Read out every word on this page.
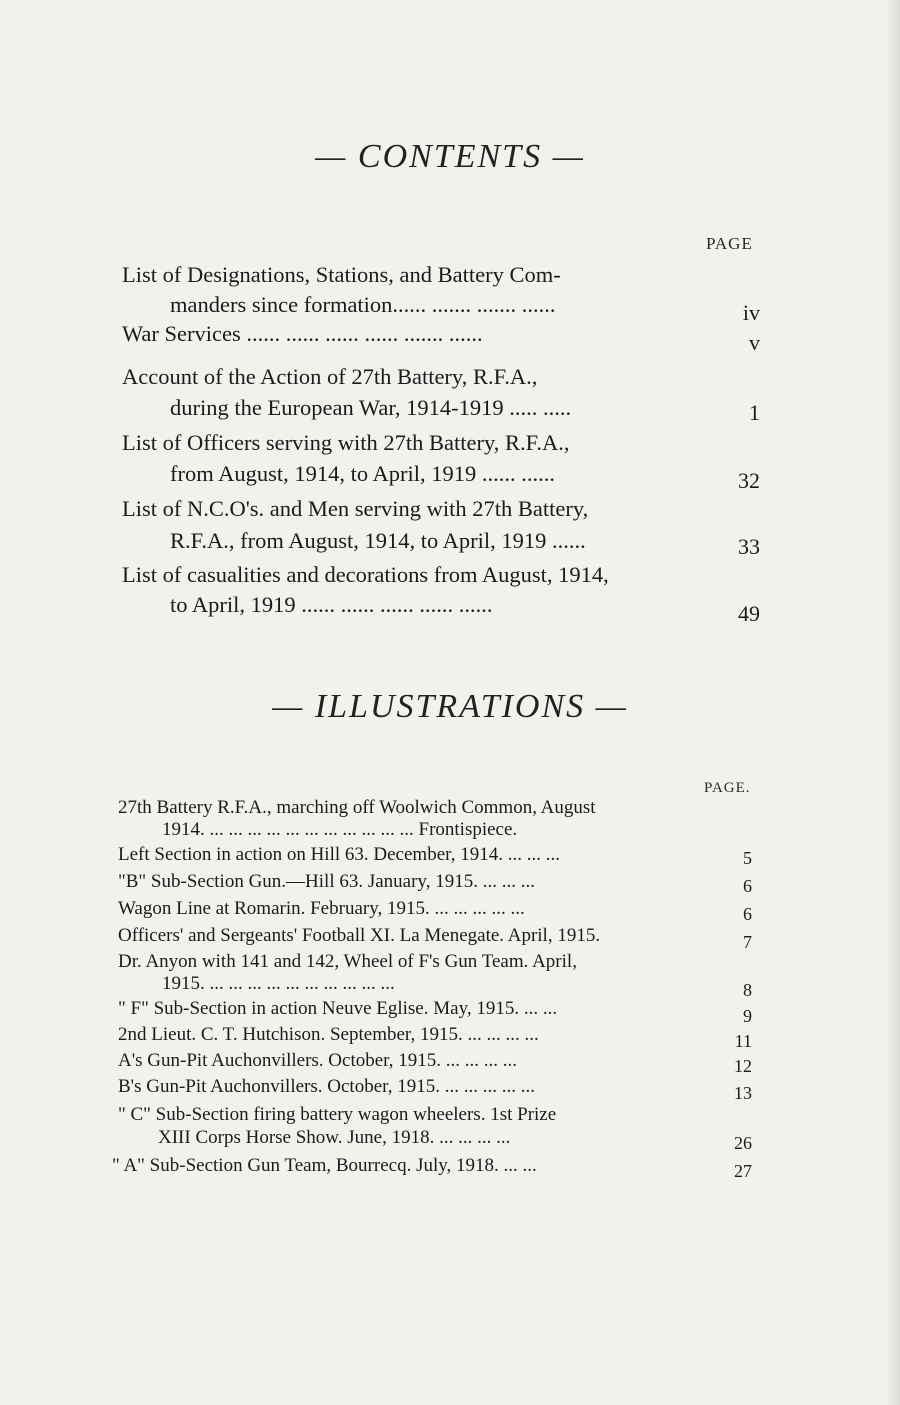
— CONTENTS —
PAGE
List of Designations, Stations, and Battery Com-
manders since formation...... ....... ....... ......	iv
War Services ...... ...... ...... ...... ....... ......	v
Account of the Action of 27th Battery, R.F.A.,
during the European War, 1914-1919 ..... .....	1
List of Officers serving with 27th Battery, R.F.A.,
from August, 1914, to April, 1919 ...... ......	32
List of N.C.O's. and Men serving with 27th Battery,
R.F.A., from August, 1914, to April, 1919 ......	33
List of casualities and decorations from August, 1914,
to April, 1919 ...... ...... ...... ...... ......	49
— ILLUSTRATIONS —
PAGE.
27th Battery R.F.A., marching off Woolwich Common, August
1914. ... ... ... ... ... ... ... ... ... ... ... Frontispiece.
Left Section in action on Hill 63. December, 1914. ... ... ...	5
"B" Sub-Section Gun.—Hill 63. January, 1915. ... ... ...	6
Wagon Line at Romarin. February, 1915. ... ... ... ... ...	6
Officers' and Sergeants' Football XI. La Menegate. April, 1915.	7
Dr. Anyon with 141 and 142, Wheel of F's Gun Team. April,
1915. ... ... ... ... ... ... ... ... ... ...	8
" F" Sub-Section in action Neuve Eglise. May, 1915. ... ...	9
2nd Lieut. C. T. Hutchison. September, 1915. ... ... ... ...	11
A's Gun-Pit Auchonvillers. October, 1915. ... ... ... ...	12
B's Gun-Pit Auchonvillers. October, 1915. ... ... ... ... ...	13
" C" Sub-Section firing battery wagon wheelers. 1st Prize
XIII Corps Horse Show. June, 1918. ... ... ... ...	26
" A" Sub-Section Gun Team, Bourrecq. July, 1918. ... ...	27
